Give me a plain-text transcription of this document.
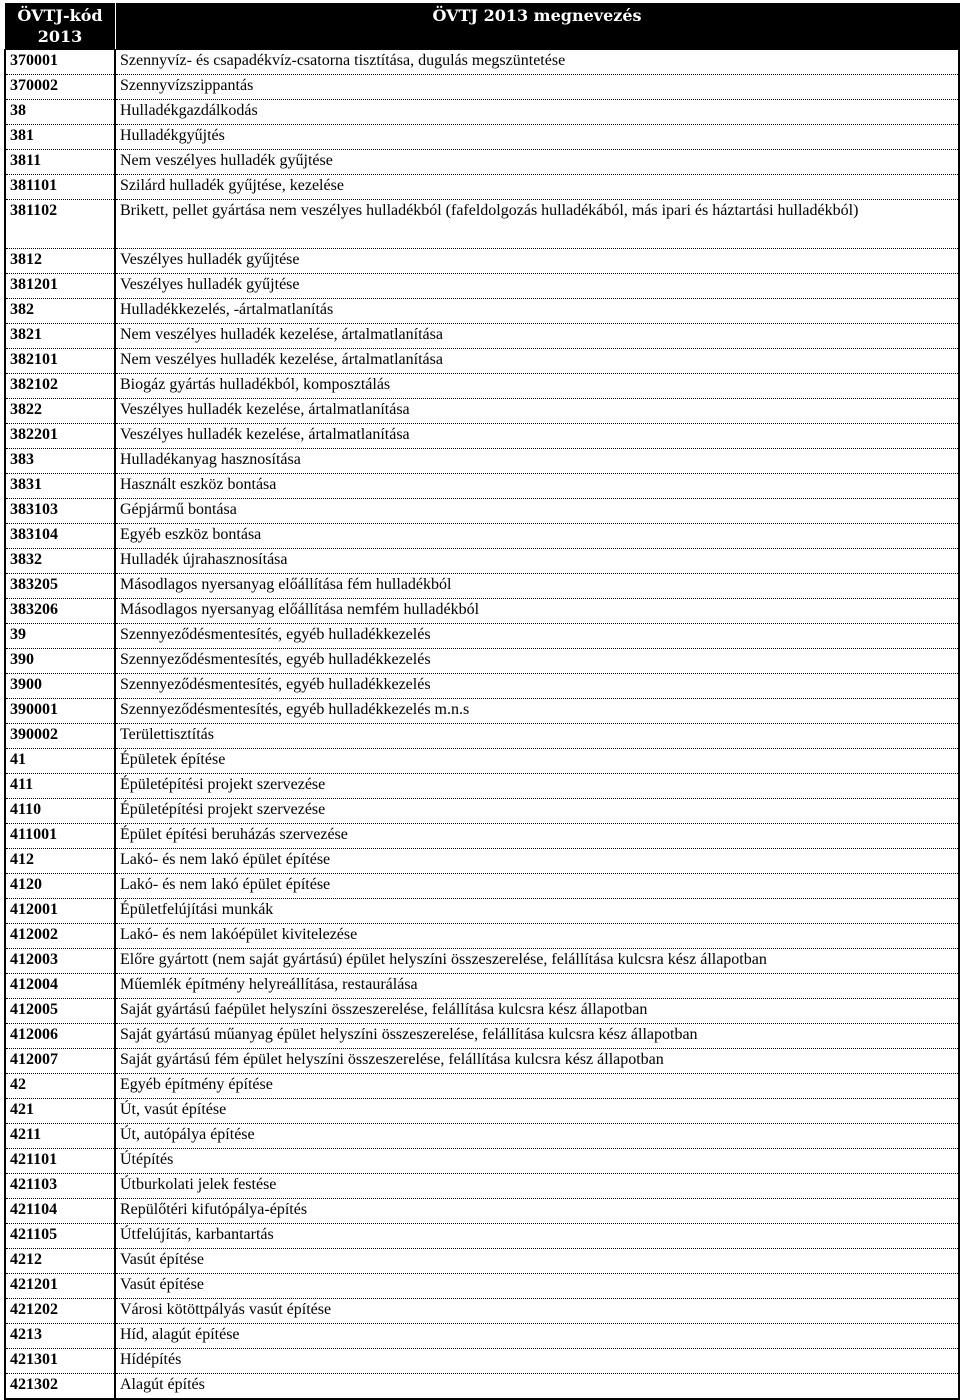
ÖVTJ-kód
2013	ÖVTJ 2013 megnevezés
370001	Szennyvíz- és csapadékvíz-csatorna tisztítása, dugulás megszüntetése
370002	Szennyvízszippantás
38	Hulladékgazdálkodás
381	Hulladékgyűjtés
3811	Nem veszélyes hulladék gyűjtése
381101	Szilárd hulladék gyűjtése, kezelése
381102	Brikett, pellet gyártása nem veszélyes hulladékból (fafeldolgozás hulladékából, más ipari és háztartási hulladékból)
3812	Veszélyes hulladék gyűjtése
381201	Veszélyes hulladék gyűjtése
382	Hulladékkezelés, -ártalmatlanítás
3821	Nem veszélyes hulladék kezelése, ártalmatlanítása
382101	Nem veszélyes hulladék kezelése, ártalmatlanítása
382102	Biogáz gyártás hulladékból, komposztálás
3822	Veszélyes hulladék kezelése, ártalmatlanítása
382201	Veszélyes hulladék kezelése, ártalmatlanítása
383	Hulladékanyag hasznosítása
3831	Használt eszköz bontása
383103	Gépjármű bontása
383104	Egyéb eszköz bontása
3832	Hulladék újrahasznosítása
383205	Másodlagos nyersanyag előállítása fém hulladékból
383206	Másodlagos nyersanyag előállítása nemfém hulladékból
39	Szennyeződésmentesítés, egyéb hulladékkezelés
390	Szennyeződésmentesítés, egyéb hulladékkezelés
3900	Szennyeződésmentesítés, egyéb hulladékkezelés
390001	Szennyeződésmentesítés, egyéb hulladékkezelés m.n.s
390002	Területtisztítás
41	Épületek építése
411	Épületépítési projekt szervezése
4110	Épületépítési projekt szervezése
411001	Épület építési beruházás szervezése
412	Lakó- és nem lakó épület építése
4120	Lakó- és nem lakó épület építése
412001	Épületfelújítási munkák
412002	Lakó- és nem lakóépület kivitelezése
412003	Előre gyártott (nem saját gyártású) épület helyszíni összeszerelése, felállítása kulcsra kész állapotban
412004	Műemlék építmény helyreállítása, restaurálása
412005	Saját gyártású faépület helyszíni összeszerelése, felállítása kulcsra kész állapotban
412006	Saját gyártású műanyag épület helyszíni összeszerelése, felállítása kulcsra kész állapotban
412007	Saját gyártású fém épület helyszíni összeszerelése, felállítása kulcsra kész állapotban
42	Egyéb építmény építése
421	Út, vasút építése
4211	Út, autópálya építése
421101	Útépítés
421103	Útburkolati jelek festése
421104	Repülőtéri kifutópálya-építés
421105	Útfelújítás, karbantartás
4212	Vasút építése
421201	Vasút építése
421202	Városi kötöttpályás vasút építése
4213	Híd, alagút építése
421301	Hídépítés
421302	Alagút építés
